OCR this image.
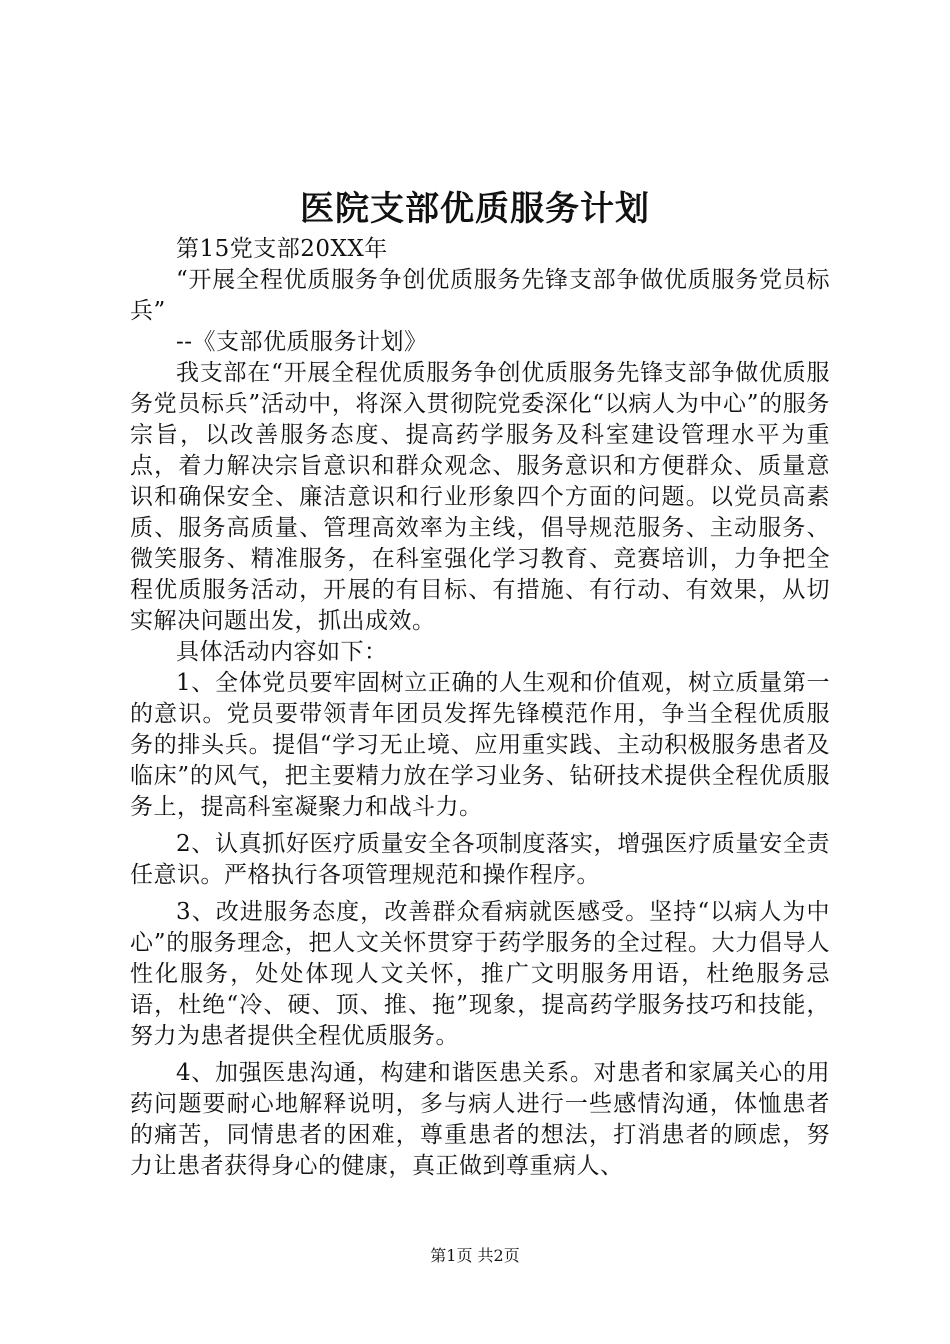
医院支部优质服务计划

第15党支部20XX年

“开展全程优质服务争创优质服务先锋支部争做优质服务党员标兵”

--《支部优质服务计划》

我支部在“开展全程优质服务争创优质服务先锋支部争做优质服务党员标兵”活动中，将深入贯彻院党委深化“以病人为中心”的服务宗旨，以改善服务态度、提高药学服务及科室建设管理水平为重点，着力解决宗旨意识和群众观念、服务意识和方便群众、质量意识和确保安全、廉洁意识和行业形象四个方面的问题。以党员高素质、服务高质量、管理高效率为主线，倡导规范服务、主动服务、微笑服务、精准服务，在科室强化学习教育、竞赛培训，力争把全程优质服务活动，开展的有目标、有措施、有行动、有效果，从切实解决问题出发，抓出成效。

具体活动内容如下：

1、全体党员要牢固树立正确的人生观和价值观，树立质量第一的意识。党员要带领青年团员发挥先锋模范作用，争当全程优质服务的排头兵。提倡“学习无止境、应用重实践、主动积极服务患者及临床”的风气，把主要精力放在学习业务、钻研技术提供全程优质服务上，提高科室凝聚力和战斗力。

2、认真抓好医疗质量安全各项制度落实，增强医疗质量安全责任意识。严格执行各项管理规范和操作程序。

3、改进服务态度，改善群众看病就医感受。坚持“以病人为中心”的服务理念，把人文关怀贯穿于药学服务的全过程。大力倡导人性化服务，处处体现人文关怀，推广文明服务用语，杜绝服务忌语，杜绝“冷、硬、顶、推、拖”现象，提高药学服务技巧和技能，努力为患者提供全程优质服务。

4、加强医患沟通，构建和谐医患关系。对患者和家属关心的用药问题要耐心地解释说明，多与病人进行一些感情沟通，体恤患者的痛苦，同情患者的困难，尊重患者的想法，打消患者的顾虑，努力让患者获得身心的健康，真正做到尊重病人、

第1页 共2页
